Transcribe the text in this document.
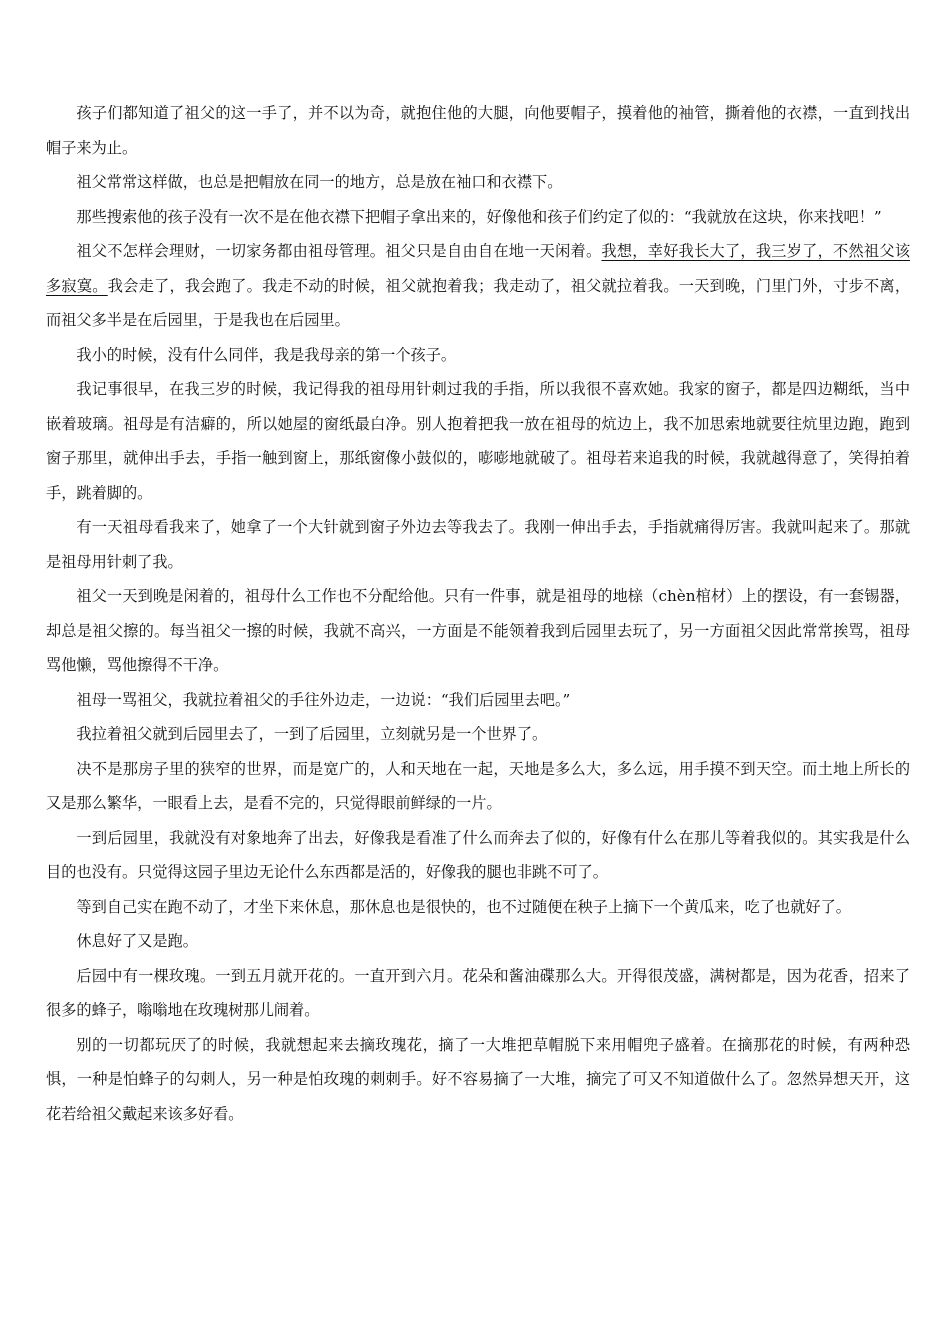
孩子们都知道了祖父的这一手了，并不以为奇，就抱住他的大腿，向他要帽子，摸着他的袖管，撕着他的衣襟，一直到找出帽子来为止。

祖父常常这样做，也总是把帽放在同一的地方，总是放在袖口和衣襟下。

那些搜索他的孩子没有一次不是在他衣襟下把帽子拿出来的，好像他和孩子们约定了似的：“我就放在这块，你来找吧！”

祖父不怎样会理财，一切家务都由祖母管理。祖父只是自由自在地一天闲着。我想，幸好我长大了，我三岁了，不然祖父该多寂寞。我会走了，我会跑了。我走不动的时候，祖父就抱着我；我走动了，祖父就拉着我。一天到晚，门里门外，寸步不离，而祖父多半是在后园里，于是我也在后园里。

我小的时候，没有什么同伴，我是我母亲的第一个孩子。

我记事很早，在我三岁的时候，我记得我的祖母用针刺过我的手指，所以我很不喜欢她。我家的窗子，都是四边糊纸，当中嵌着玻璃。祖母是有洁癖的，所以她屋的窗纸最白净。别人抱着把我一放在祖母的炕边上，我不加思索地就要往炕里边跑，跑到窗子那里，就伸出手去，手指一触到窗上，那纸窗像小鼓似的，嘭嘭地就破了。祖母若来追我的时候，我就越得意了，笑得拍着手，跳着脚的。

有一天祖母看我来了，她拿了一个大针就到窗子外边去等我去了。我刚一伸出手去，手指就痛得厉害。我就叫起来了。那就是祖母用针刺了我。

祖父一天到晚是闲着的，祖母什么工作也不分配给他。只有一件事，就是祖母的地榇（chèn棺材）上的摆设，有一套锡器，却总是祖父擦的。每当祖父一擦的时候，我就不高兴，一方面是不能领着我到后园里去玩了，另一方面祖父因此常常挨骂，祖母骂他懒，骂他擦得不干净。

祖母一骂祖父，我就拉着祖父的手往外边走，一边说：“我们后园里去吧。”

我拉着祖父就到后园里去了，一到了后园里，立刻就另是一个世界了。

决不是那房子里的狭窄的世界，而是宽广的，人和天地在一起，天地是多么大，多么远，用手摸不到天空。而土地上所长的又是那么繁华，一眼看上去，是看不完的，只觉得眼前鲜绿的一片。

一到后园里，我就没有对象地奔了出去，好像我是看准了什么而奔去了似的，好像有什么在那儿等着我似的。其实我是什么目的也没有。只觉得这园子里边无论什么东西都是活的，好像我的腿也非跳不可了。

等到自己实在跑不动了，才坐下来休息，那休息也是很快的，也不过随便在秧子上摘下一个黄瓜来，吃了也就好了。

休息好了又是跑。

后园中有一棵玫瑰。一到五月就开花的。一直开到六月。花朵和酱油碟那么大。开得很茂盛，满树都是，因为花香，招来了很多的蜂子，嗡嗡地在玫瑰树那儿闹着。

别的一切都玩厌了的时候，我就想起来去摘玫瑰花，摘了一大堆把草帽脱下来用帽兜子盛着。在摘那花的时候，有两种恐惧，一种是怕蜂子的勾刺人，另一种是怕玫瑰的刺刺手。好不容易摘了一大堆，摘完了可又不知道做什么了。忽然异想天开，这花若给祖父戴起来该多好看。
